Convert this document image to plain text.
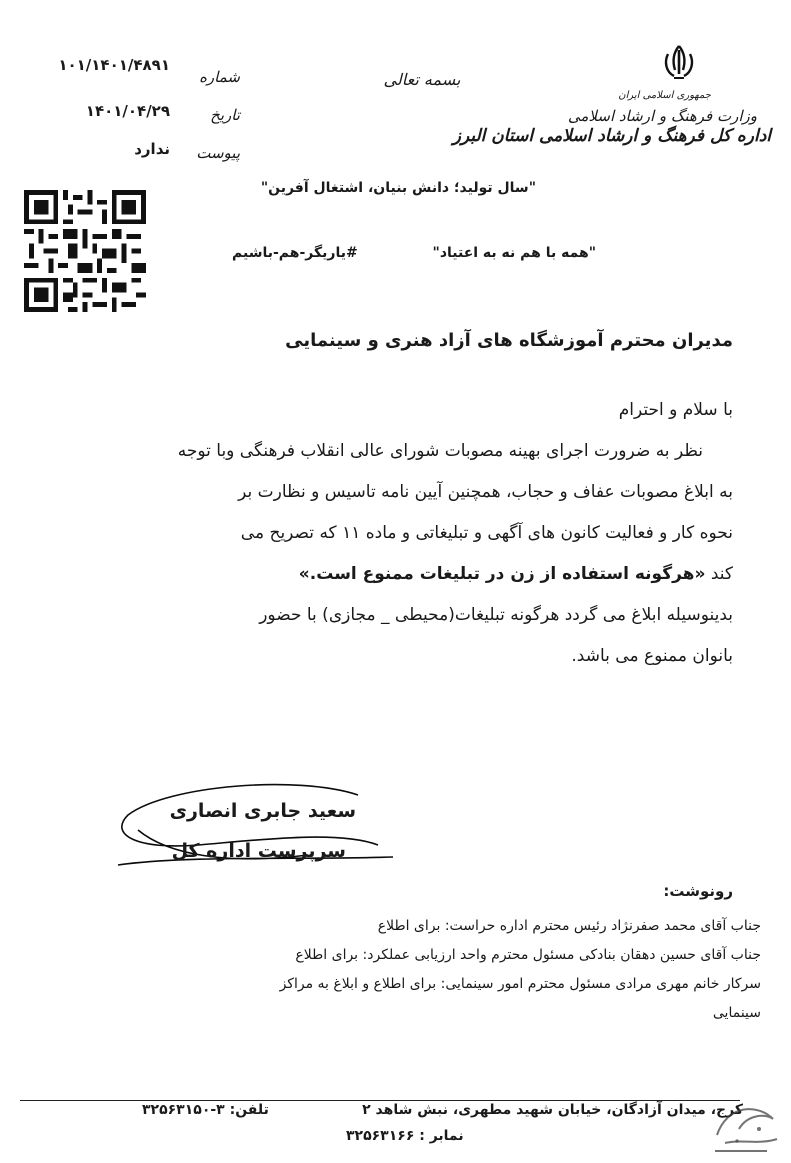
جمهوری اسلامی ایران
وزارت فرهنگ و ارشاد اسلامی
اداره کل فرهنگ و ارشاد اسلامی استان البرز
بسمه تعالی
شماره
تاریخ
پیوست
۱۰۱/۱۴۰۱/۴۸۹۱
۱۴۰۱/۰۴/۲۹
ندارد
"سال تولید؛ دانش بنیان، اشتغال آفرین"
"همه با هم نه به اعتیاد"
#یاریگر-هم-باشیم
مدیران محترم آموزشگاه های آزاد هنری و سینمایی

با سلام و احترام

نظر به ضرورت اجرای بهینه مصوبات شورای عالی انقلاب فرهنگی وبا توجه

به ابلاغ مصوبات عفاف و حجاب، همچنین آیین نامه تاسیس و نظارت بر

نحوه کار و فعالیت کانون های آگهی و تبلیغاتی و ماده ۱۱ که تصریح می

کند «هرگونه استفاده از زن در تبلیغات ممنوع است.»

بدینوسیله ابلاغ می گردد هرگونه تبلیغات(محیطی _ مجازی) با حضور

بانوان ممنوع می باشد.

سعید جابری انصاری
سرپرست اداره کل
رونوشت:
جناب آقای محمد صفرنژاد رئیس محترم اداره حراست: برای اطلاع
جناب آقای حسین دهقان بنادکی مسئول محترم واحد ارزیابی عملکرد: برای اطلاع
سرکار خانم مهری مرادی مسئول محترم امور سینمایی: برای اطلاع و ابلاغ به مراکز
سینمایی
کرج، میدان آزادگان، خیابان شهید مطهری، نبش شاهد ۲
تلفن: ۳-۳۲۵۶۳۱۵۰
نمابر : ۳۲۵۶۳۱۶۶
